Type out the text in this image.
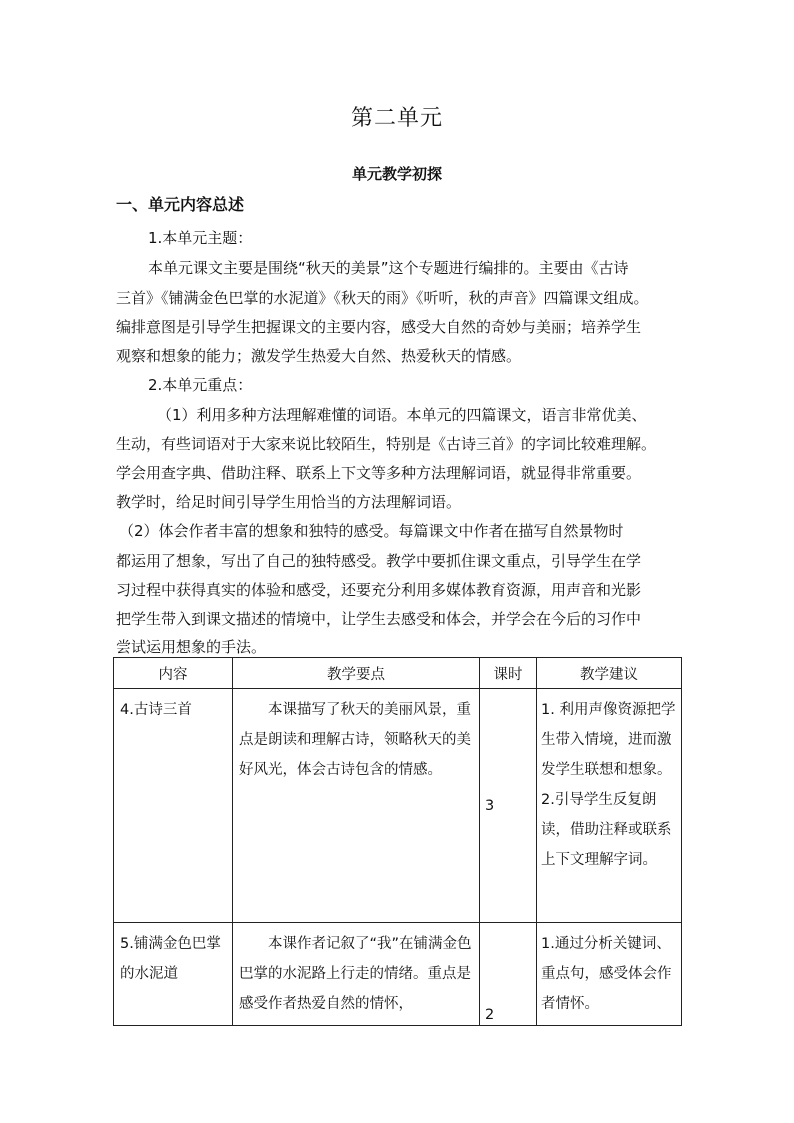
第二单元
单元教学初探
一、单元内容总述
1.本单元主题：
本单元课文主要是围绕“秋天的美景”这个专题进行编排的。主要由《古诗
三首》《铺满金色巴掌的水泥道》《秋天的雨》《听听，秋的声音》四篇课文组成。
编排意图是引导学生把握课文的主要内容，感受大自然的奇妙与美丽；培养学生
观察和想象的能力；激发学生热爱大自然、热爱秋天的情感。
2.本单元重点：
（1）利用多种方法理解难懂的词语。本单元的四篇课文，语言非常优美、
生动，有些词语对于大家来说比较陌生，特别是《古诗三首》的字词比较难理解。
学会用查字典、借助注释、联系上下文等多种方法理解词语，就显得非常重要。
教学时，给足时间引导学生用恰当的方法理解词语。
（2）体会作者丰富的想象和独特的感受。每篇课文中作者在描写自然景物时
都运用了想象，写出了自己的独特感受。教学中要抓住课文重点，引导学生在学
习过程中获得真实的体验和感受，还要充分利用多媒体教育资源，用声音和光影
把学生带入到课文描述的情境中，让学生去感受和体会，并学会在今后的习作中
尝试运用想象的手法。
内容	教学要点	课时	教学建议

4.古诗三首	本课描写了秋天的美丽风景，重点是朗读和理解古诗，领略秋天的美好风光，体会古诗包含的情感。	3	1. 利用声像资源把学生带入情境，进而激发学生联想和想象。
2.引导学生反复朗读，借助注释或联系上下文理解字词。

5.铺满金色巴掌的水泥道	本课作者记叙了“我”在铺满金色巴掌的水泥路上行走的情绪。重点是感受作者热爱自然的情怀，	2	1.通过分析关键词、重点句，感受体会作者情怀。
